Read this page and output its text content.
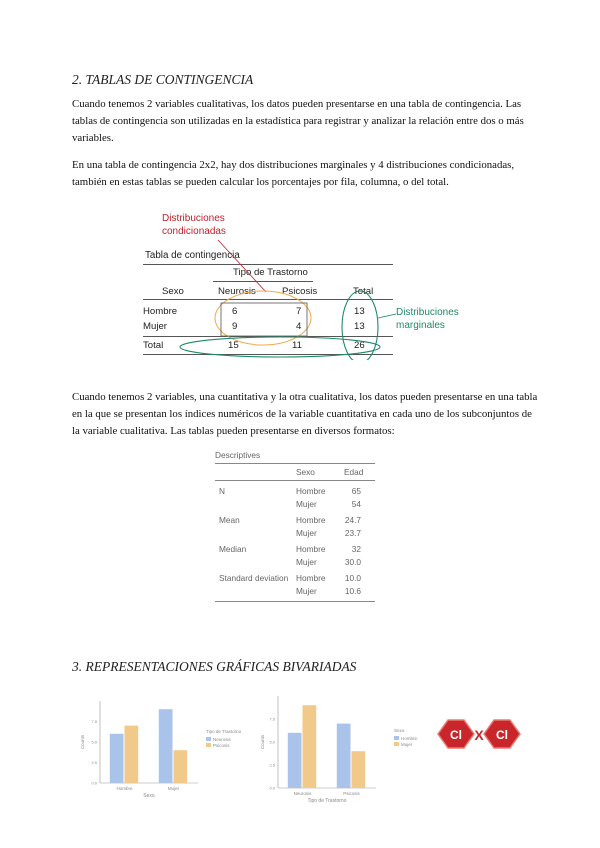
2. TABLAS DE CONTINGENCIA
Cuando tenemos 2 variables cualitativas, los datos pueden presentarse en una tabla de contingencia. Las tablas de contingencia son utilizadas en la estadística para registrar y analizar la relación entre dos o más variables.
En una tabla de contingencia 2x2, hay dos distribuciones marginales y 4 distribuciones condicionadas, también en estas tablas se pueden calcular los porcentajes por fila, columna, o del total.
Distribuciones condicionadas
Tabla de contingencia
Tipo de Trastorno
Sexo	Neurosis	Psicosis	Total
Hombre	6	7	13
Mujer	9	4	13
Total	15	11	26
Distribuciones marginales
Cuando tenemos 2 variables, una cuantitativa y la otra cualitativa, los datos pueden presentarse en una tabla en la que se presentan los índices numéricos de la variable cuantitativa en cada uno de los subconjuntos de la variable cualitativa. Las tablas pueden presentarse en diversos formatos:
Descriptives
Sexo	Edad
N	Hombre	65
Mujer	54
Mean	Hombre 24.7
Mujer	23.7
Median	Hombre	32
Mujer	30.0
Standard deviation Hombre 10.0
Mujer	10.6
3. REPRESENTACIONES GRÁFICAS BIVARIADAS
0.0
2.5
5.0
7.5
Counts
Hombre	Mujer
Sexo
Tipo de Trastorno
Neurosis
Psicosis
0.0
2.5
5.0
7.5
Counts
Neurosis	Psicosis
Tipo de Trastorno
Sexo
Hombre
Mujer
Cl X Cl
